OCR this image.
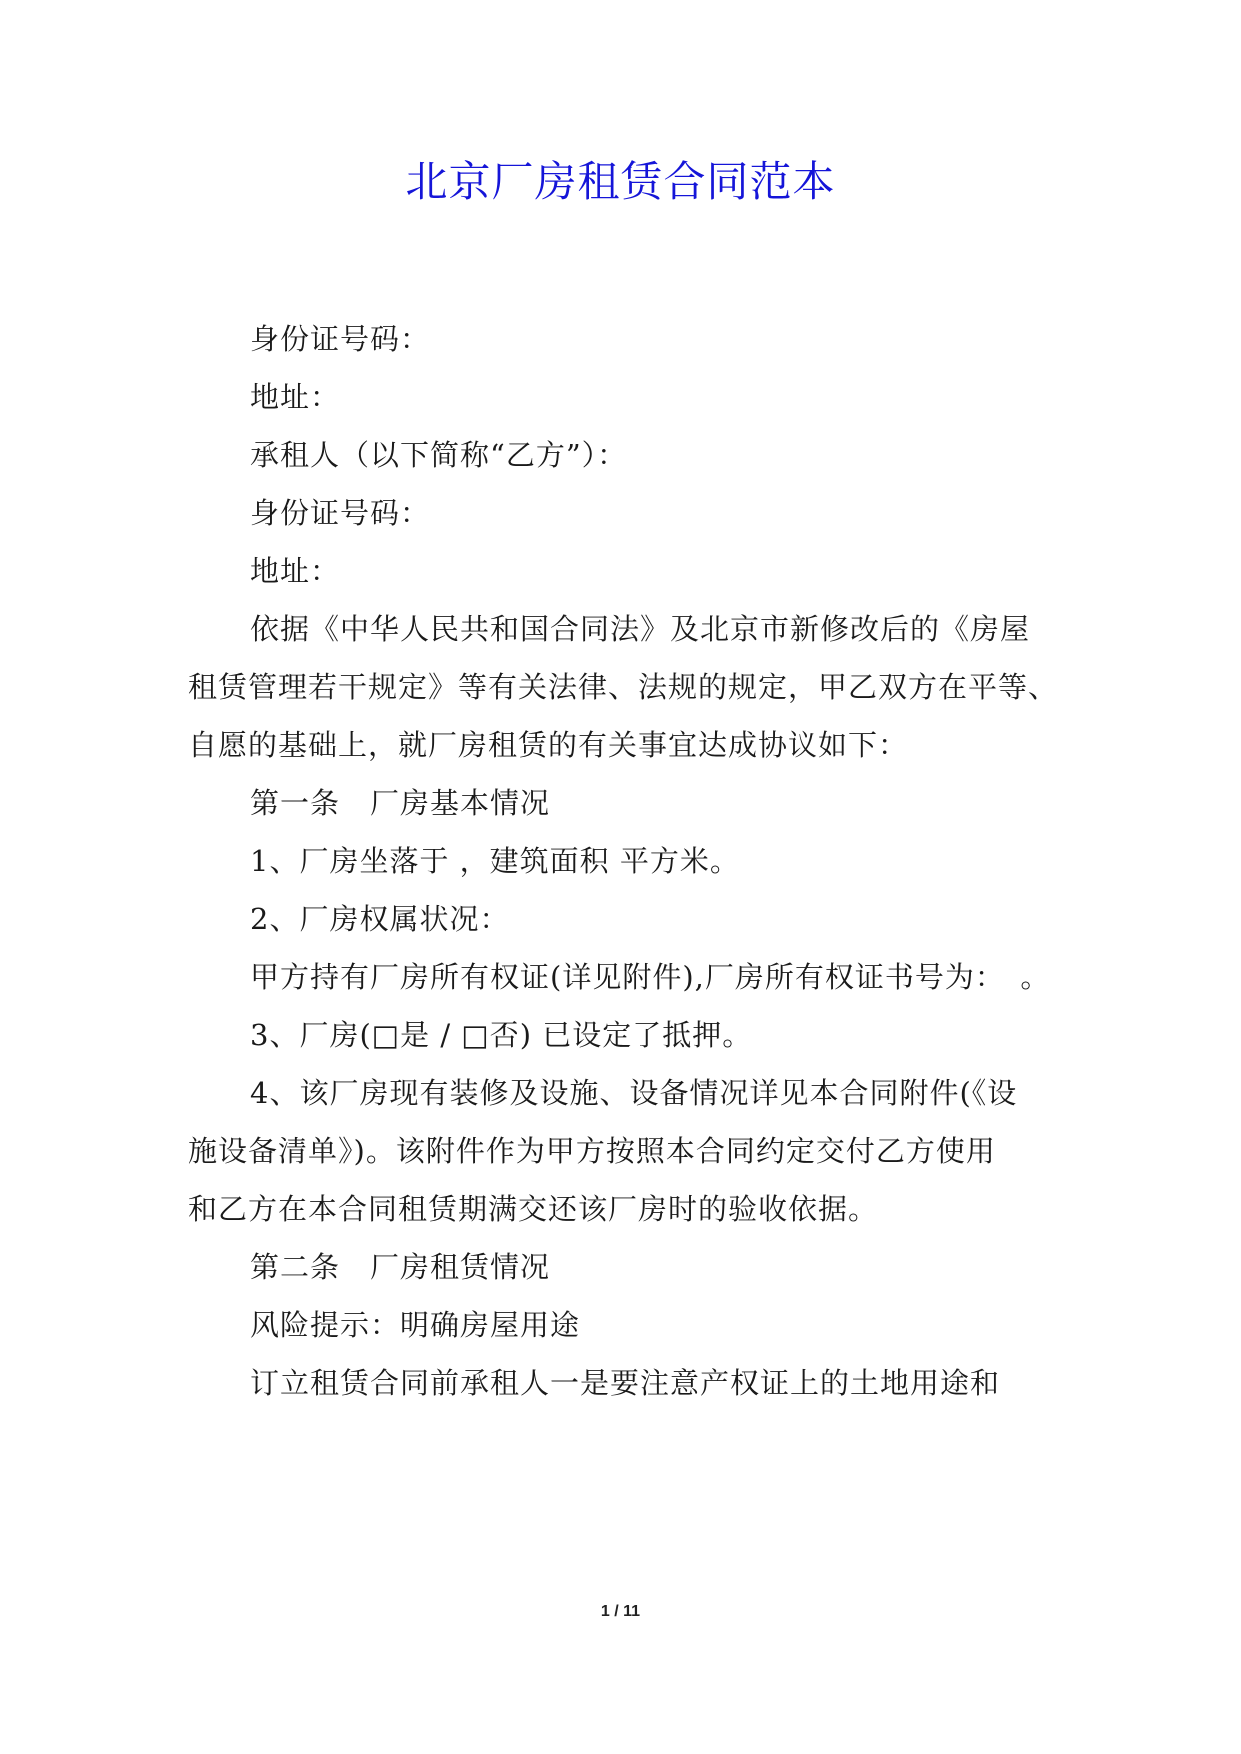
北京厂房租赁合同范本
身份证号码：
地址：
承租人（以下简称“乙方”）：
身份证号码：
地址：
依据《中华人民共和国合同法》及北京市新修改后的《房屋
租赁管理若干规定》等有关法律、法规的规定，甲乙双方在平等、
自愿的基础上，就厂房租赁的有关事宜达成协议如下：
第一条　厂房基本情况
1、厂房坐落于 ，建筑面积 平方米。
2、厂房权属状况：
甲方持有厂房所有权证(详见附件),厂房所有权证书号为：　。
3、厂房(□是 / □否) 已设定了抵押。
4、该厂房现有装修及设施、设备情况详见本合同附件(《设
施设备清单》)。该附件作为甲方按照本合同约定交付乙方使用
和乙方在本合同租赁期满交还该厂房时的验收依据。
第二条　厂房租赁情况
风险提示：明确房屋用途
订立租赁合同前承租人一是要注意产权证上的土地用途和
1 / 11
